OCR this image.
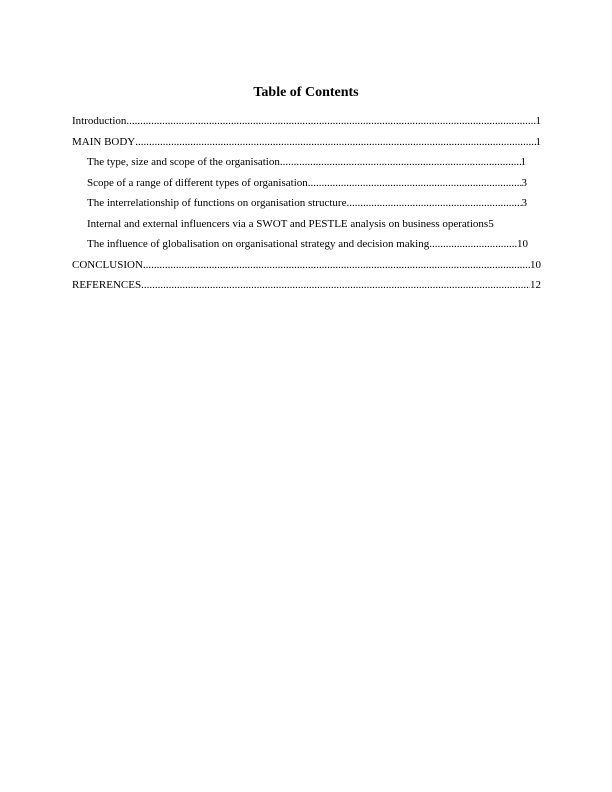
Table of Contents
Introduction .....	1
MAIN BODY .....	1
The type, size and scope of the organisation .....	1
Scope of a range of different types of organisation .....	3
The interrelationship of functions on organisation structure .....	3
Internal and external influencers via a SWOT and PESTLE analysis on business operations 5
The influence of globalisation on organisational strategy and decision making .....	10
CONCLUSION .....	10
REFERENCES .....	12
